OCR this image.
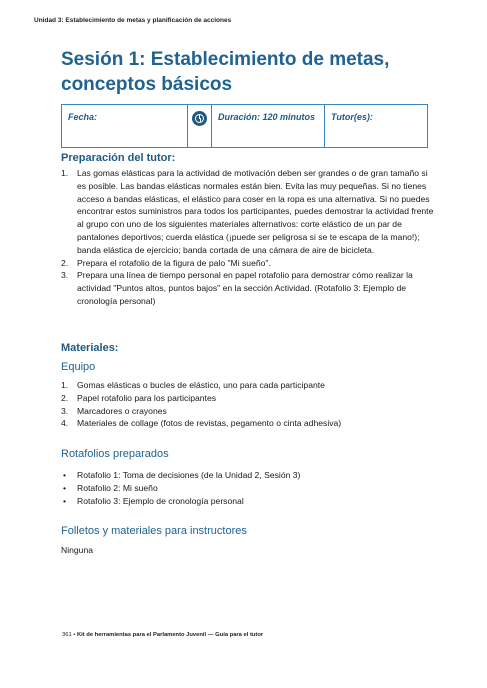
Unidad 3: Establecimiento de metas y planificación de acciones
Sesión 1: Establecimiento de metas, conceptos básicos
Fecha:	Duración: 120 minutos	Tutor(es):
Preparación del tutor:
1. Las gomas elásticas para la actividad de motivación deben ser grandes o de gran tamaño si es posible. Las bandas elásticas normales están bien. Evita las muy pequeñas. Si no tienes acceso a bandas elásticas, el elástico para coser en la ropa es una alternativa. Si no puedes encontrar estos suministros para todos los participantes, puedes demostrar la actividad frente al grupo con uno de los siguientes materiales alternativos: corte elástico de un par de pantalones deportivos; cuerda elástica (¡puede ser peligrosa si se te escapa de la mano!); banda elástica de ejercicio; banda cortada de una cámara de aire de bicicleta.
2. Prepara el rotafolio de la figura de palo "Mi sueño".
3. Prepara una línea de tiempo personal en papel rotafolio para demostrar cómo realizar la actividad "Puntos altos, puntos bajos" en la sección Actividad. (Rotafolio 3: Ejemplo de cronología personal)
Materiales:
Equipo
1. Gomas elásticas o bucles de elástico, uno para cada participante
2. Papel rotafolio para los participantes
3. Marcadores o crayones
4. Materiales de collage (fotos de revistas, pegamento o cinta adhesiva)
Rotafolios preparados
• Rotafolio 1: Toma de decisiones (de la Unidad 2, Sesión 3)
• Rotafolio 2: Mi sueño
• Rotafolio 3: Ejemplo de cronología personal
Folletos y materiales para instructores
Ninguna
361 • Kit de herramientas para el Parlamento Juvenil — Guía para el tutor
